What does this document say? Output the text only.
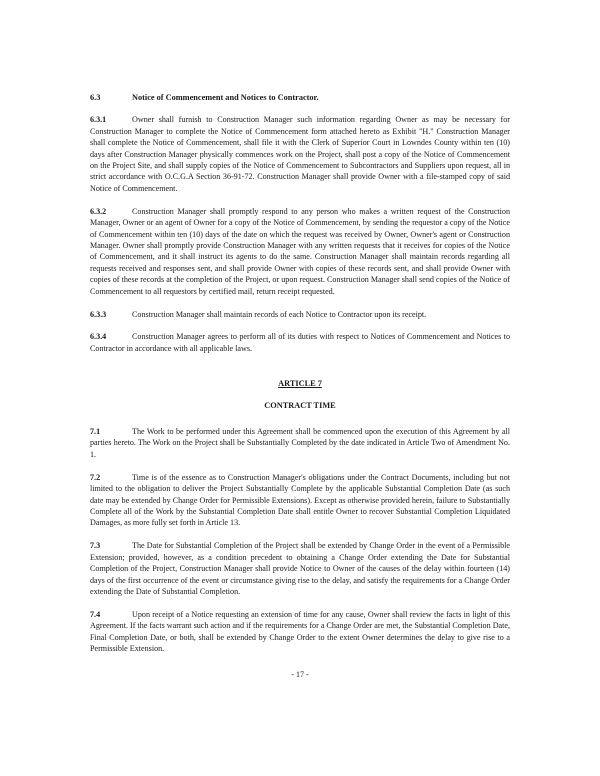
6.3	Notice of Commencement and Notices to Contractor.

6.3.1	Owner shall furnish to Construction Manager such information regarding Owner as may be necessary for Construction Manager to complete the Notice of Commencement form attached hereto as Exhibit "H." Construction Manager shall complete the Notice of Commencement, shall file it with the Clerk of Superior Court in Lowndes County within ten (10) days after Construction Manager physically commences work on the Project, shall post a copy of the Notice of Commencement on the Project Site, and shall supply copies of the Notice of Commencement to Subcontractors and Suppliers upon request, all in strict accordance with O.C.G.A Section 36-91-72. Construction Manager shall provide Owner with a file-stamped copy of said Notice of Commencement.

6.3.2	Construction Manager shall promptly respond to any person who makes a written request of the Construction Manager, Owner or an agent of Owner for a copy of the Notice of Commencement, by sending the requestor a copy of the Notice of Commencement within ten (10) days of the date on which the request was received by Owner, Owner's agent or Construction Manager. Owner shall promptly provide Construction Manager with any written requests that it receives for copies of the Notice of Commencement, and it shall instruct its agents to do the same. Construction Manager shall maintain records regarding all requests received and responses sent, and shall provide Owner with copies of these records sent, and shall provide Owner with copies of these records at the completion of the Project, or upon request. Construction Manager shall send copies of the Notice of Commencement to all requestors by certified mail, return receipt requested.

6.3.3	Construction Manager shall maintain records of each Notice to Contractor upon its receipt.

6.3.4	Construction Manager agrees to perform all of its duties with respect to Notices of Commencement and Notices to Contractor in accordance with all applicable laws.

ARTICLE 7
CONTRACT TIME

7.1	The Work to be performed under this Agreement shall be commenced upon the execution of this Agreement by all parties hereto. The Work on the Project shall be Substantially Completed by the date indicated in Article Two of Amendment No. 1.

7.2	Time is of the essence as to Construction Manager's obligations under the Contract Documents, including but not limited to the obligation to deliver the Project Substantially Complete by the applicable Substantial Completion Date (as such date may be extended by Change Order for Permissible Extensions). Except as otherwise provided herein, failure to Substantially Complete all of the Work by the Substantial Completion Date shall entitle Owner to recover Substantial Completion Liquidated Damages, as more fully set forth in Article 13.

7.3	The Date for Substantial Completion of the Project shall be extended by Change Order in the event of a Permissible Extension; provided, however, as a condition precedent to obtaining a Change Order extending the Date for Substantial Completion of the Project, Construction Manager shall provide Notice to Owner of the causes of the delay within fourteen (14) days of the first occurrence of the event or circumstance giving rise to the delay, and satisfy the requirements for a Change Order extending the Date of Substantial Completion.

7.4	Upon receipt of a Notice requesting an extension of time for any cause, Owner shall review the facts in light of this Agreement. If the facts warrant such action and if the requirements for a Change Order are met, the Substantial Completion Date, Final Completion Date, or both, shall be extended by Change Order to the extent Owner determines the delay to give rise to a Permissible Extension.

- 17 -
